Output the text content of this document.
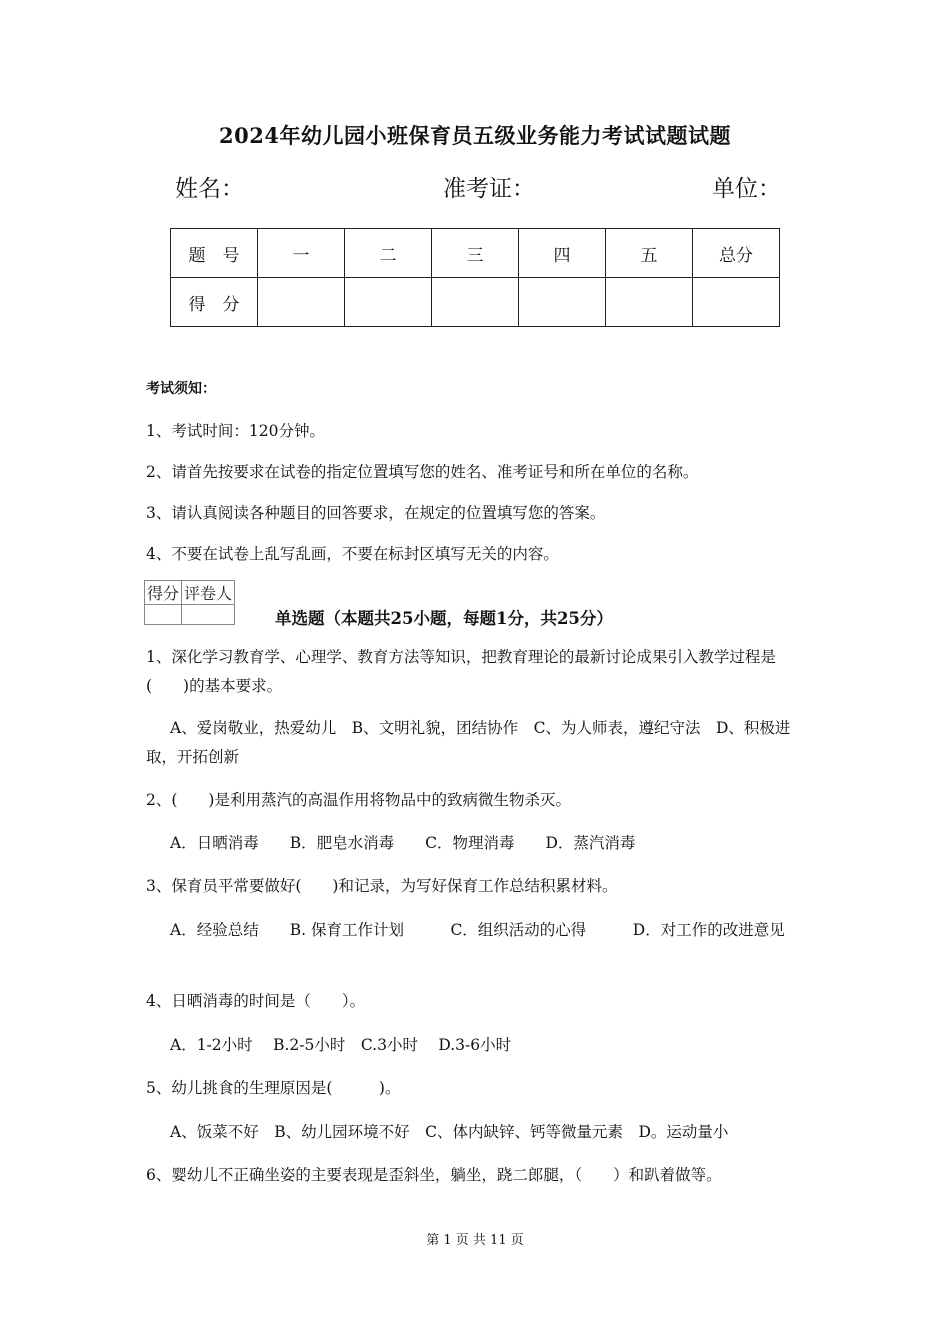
2024年幼儿园小班保育员五级业务能力考试试题试题
姓名：	准考证：	单位：
题　号	一	二	三	四	五	总分
得　分						
考试须知：
1、考试时间：120分钟。
2、请首先按要求在试卷的指定位置填写您的姓名、准考证号和所在单位的名称。
3、请认真阅读各种题目的回答要求，在规定的位置填写您的答案。
4、不要在试卷上乱写乱画，不要在标封区填写无关的内容。
得分	评卷人

单选题（本题共25小题，每题1分，共25分）
1、深化学习教育学、心理学、教育方法等知识，把教育理论的最新讨论成果引入教学过程是(　　)的基本要求。
A、爱岗敬业，热爱幼儿　B、文明礼貌，团结协作　C、为人师表，遵纪守法　D、积极进取，开拓创新
2、(　　)是利用蒸汽的高温作用将物品中的致病微生物杀灭。
A．日晒消毒　　B．肥皂水消毒　　C．物理消毒　　D．蒸汽消毒
3、保育员平常要做好(　　)和记录，为写好保育工作总结积累材料。
A．经验总结　　B. 保育工作计划　　　C．组织活动的心得　　　D．对工作的改进意见
4、日晒消毒的时间是（　　）。
A．1-2小时　 B.2-5小时　C.3小时　 D.3-6小时
5、幼儿挑食的生理原因是(　　　)。
A、饭菜不好　B、幼儿园环境不好　C、体内缺锌、钙等微量元素　D。运动量小
6、婴幼儿不正确坐姿的主要表现是歪斜坐，躺坐，跷二郎腿，（　　）和趴着做等。
第 1 页 共 11 页
